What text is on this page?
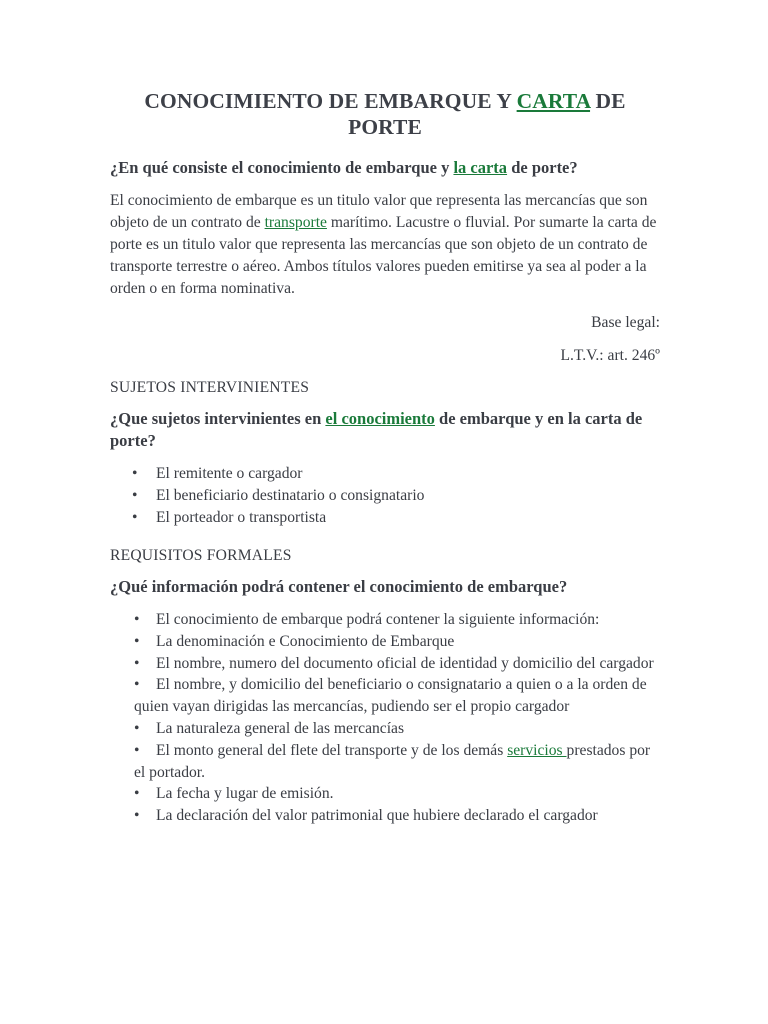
CONOCIMIENTO DE EMBARQUE Y CARTA DE PORTE

¿En qué consiste el conocimiento de embarque y la carta de porte?

El conocimiento de embarque es un titulo valor que representa las mercancías que son objeto de un contrato de transporte marítimo. Lacustre o fluvial. Por sumarte la carta de porte es un titulo valor que representa las mercancías que son objeto de un contrato de transporte terrestre o aéreo. Ambos títulos valores pueden emitirse ya sea al poder a la orden o en forma nominativa.

Base legal:

L.T.V.: art. 246º

SUJETOS INTERVINIENTES

¿Que sujetos intervinientes en el conocimiento de embarque y en la carta de porte?

• El remitente o cargador
• El beneficiario destinatario o consignatario
• El porteador o transportista

REQUISITOS FORMALES

¿Qué información podrá contener el conocimiento de embarque?

• El conocimiento de embarque podrá contener la siguiente información:
• La denominación e Conocimiento de Embarque
• El nombre, numero del documento oficial de identidad y domicilio del cargador
• El nombre, y domicilio del beneficiario o consignatario a quien o a la orden de quien vayan dirigidas las mercancías, pudiendo ser el propio cargador
• La naturaleza general de las mercancías
• El monto general del flete del transporte y de los demás servicios prestados por el portador.
• La fecha y lugar de emisión.
• La declaración del valor patrimonial que hubiere declarado el cargador
